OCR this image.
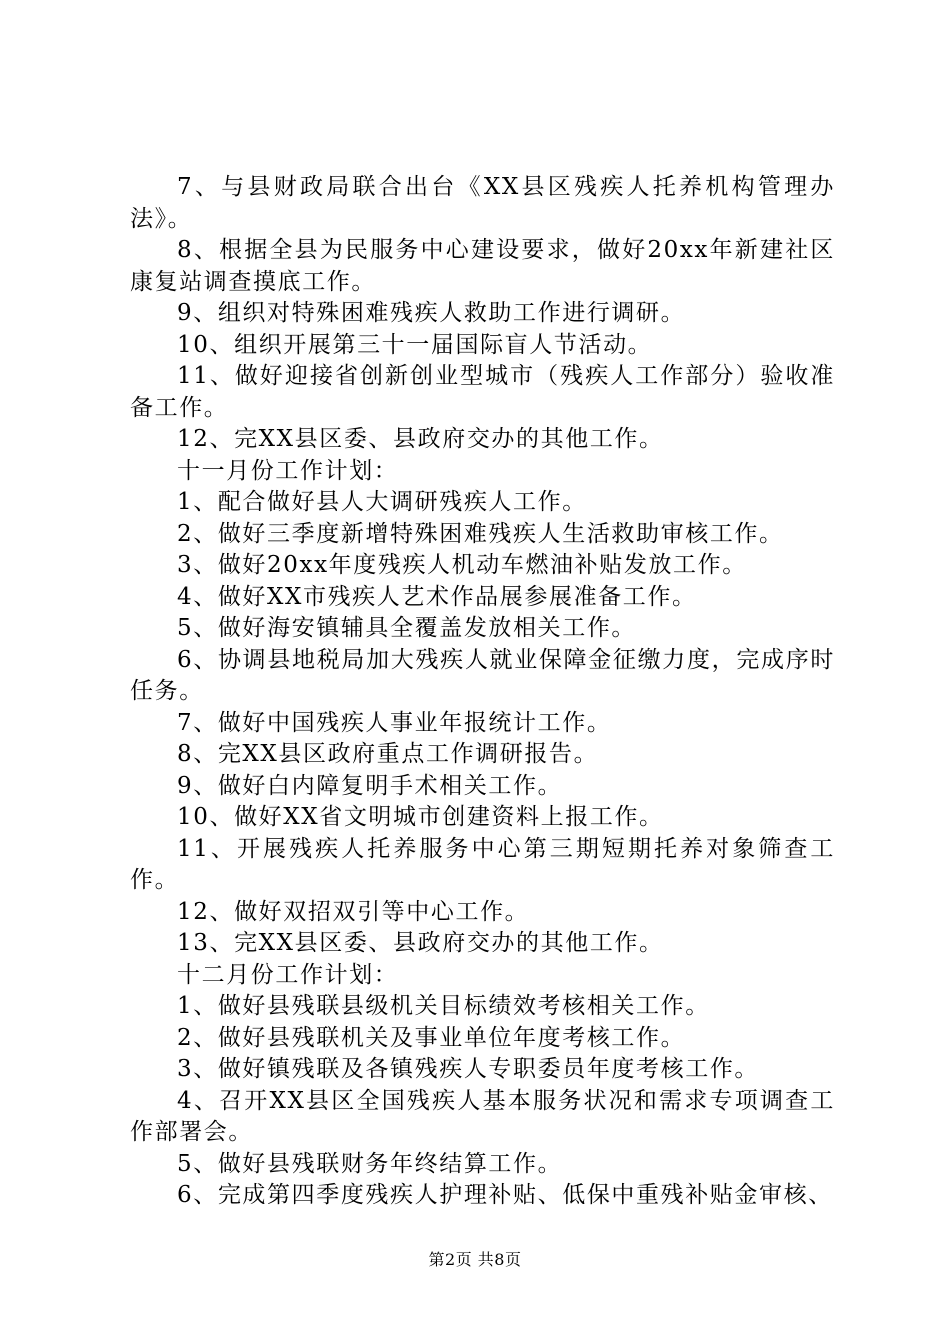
7、与县财政局联合出台《XX县区残疾人托养机构管理办法》。

8、根据全县为民服务中心建设要求，做好20xx年新建社区康复站调查摸底工作。

9、组织对特殊困难残疾人救助工作进行调研。

10、组织开展第三十一届国际盲人节活动。

11、做好迎接省创新创业型城市（残疾人工作部分）验收准备工作。

12、完XX县区委、县政府交办的其他工作。

十一月份工作计划：

1、配合做好县人大调研残疾人工作。

2、做好三季度新增特殊困难残疾人生活救助审核工作。

3、做好20xx年度残疾人机动车燃油补贴发放工作。

4、做好XX市残疾人艺术作品展参展准备工作。

5、做好海安镇辅具全覆盖发放相关工作。

6、协调县地税局加大残疾人就业保障金征缴力度，完成序时任务。

7、做好中国残疾人事业年报统计工作。

8、完XX县区政府重点工作调研报告。

9、做好白内障复明手术相关工作。

10、做好XX省文明城市创建资料上报工作。

11、开展残疾人托养服务中心第三期短期托养对象筛查工作。

12、做好双招双引等中心工作。

13、完XX县区委、县政府交办的其他工作。

十二月份工作计划：

1、做好县残联县级机关目标绩效考核相关工作。

2、做好县残联机关及事业单位年度考核工作。

3、做好镇残联及各镇残疾人专职委员年度考核工作。

4、召开XX县区全国残疾人基本服务状况和需求专项调查工作部署会。

5、做好县残联财务年终结算工作。

6、完成第四季度残疾人护理补贴、低保中重残补贴金审核、

第2页 共8页
